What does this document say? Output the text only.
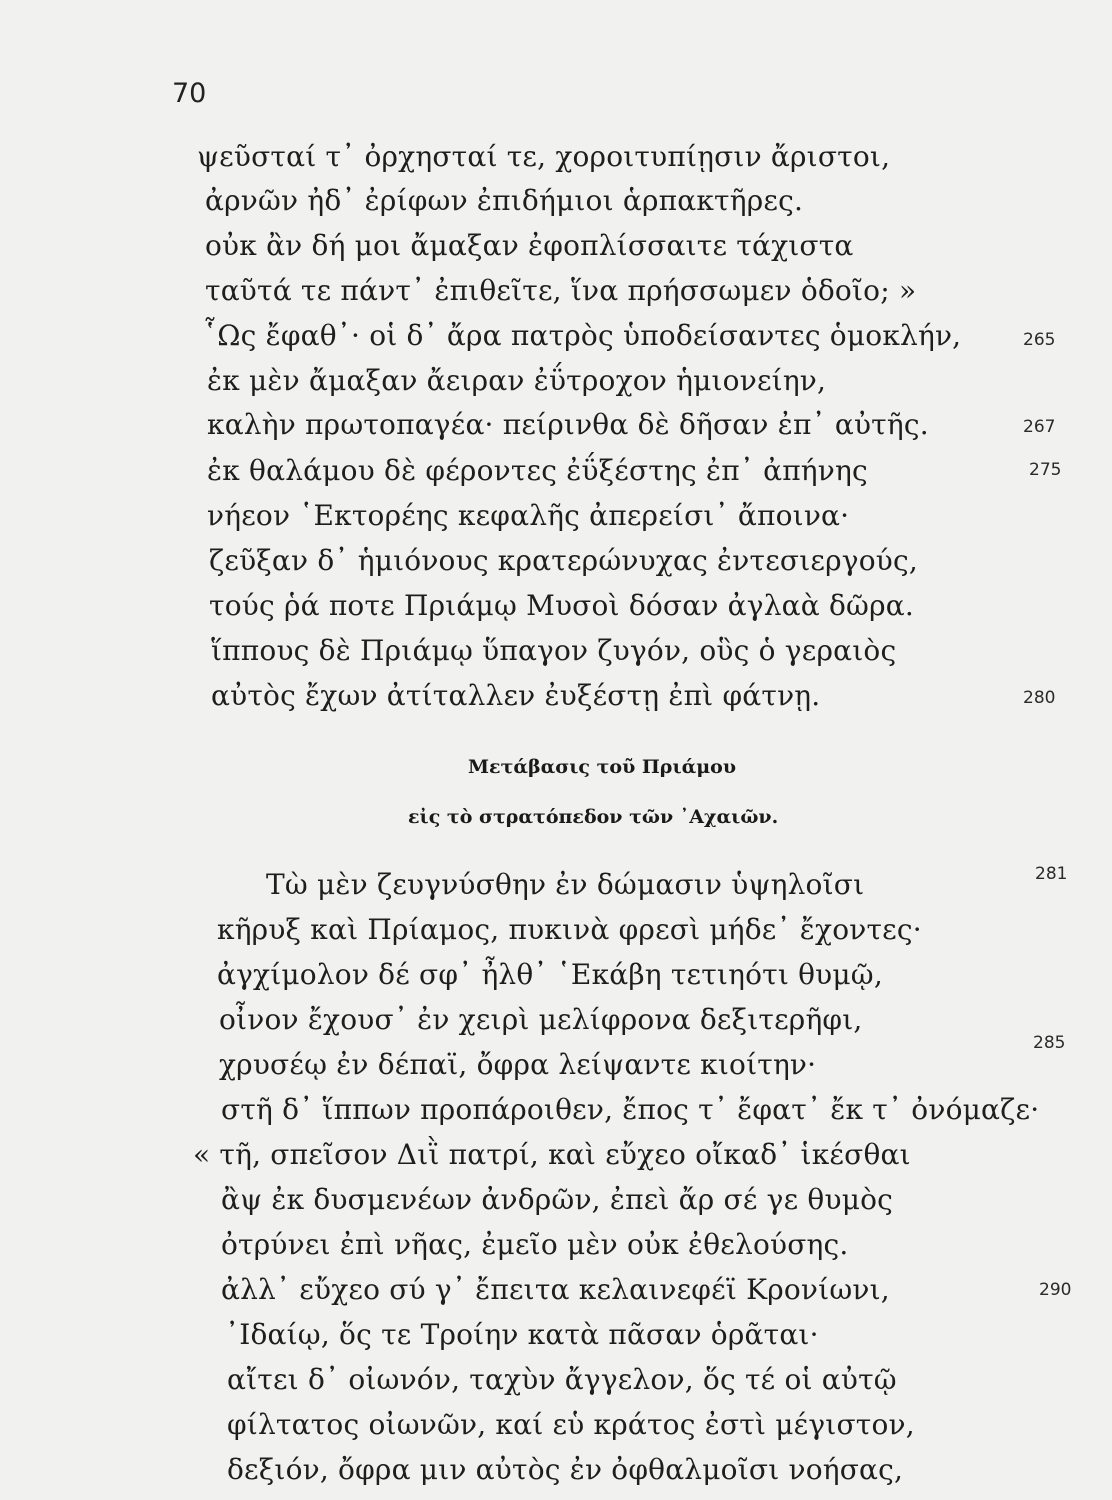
70
ψεῦσταί τ᾽ ὀρχησταί τε, χοροιτυπίῃσιν ἄριστοι,
ἀρνῶν ἠδ᾽ ἐρίφων ἐπιδήμιοι ἁρπακτῆρες.
οὐκ ἂν δή μοι ἄμαξαν ἐφοπλίσσαιτε τάχιστα
ταῦτά τε πάντ᾽ ἐπιθεῖτε, ἵνα πρήσσωμεν ὁδοῖο; »
῟Ως ἔφαθ᾽· οἱ δ᾽ ἄρα πατρὸς ὑποδείσαντες ὁμοκλήν,
ἐκ μὲν ἄμαξαν ἄειραν ἐΰτροχον ἡμιονείην,
καλὴν πρωτοπαγέα· πείρινθα δὲ δῆσαν ἐπ᾽ αὐτῆς.
ἐκ θαλάμου δὲ φέροντες ἐΰξέστης ἐπ᾽ ἀπήνης
νήεον ῾Εκτορέης κεφαλῆς ἀπερείσι᾽ ἄποινα·
ζεῦξαν δ᾽ ἡμιόνους κρατερώνυχας ἐντεσιεργούς,
τούς ῥά ποτε Πριάμῳ Μυσοὶ δόσαν ἀγλαὰ δῶρα.
ἵππους δὲ Πριάμῳ ὕπαγον ζυγόν, οὓς ὁ γεραιὸς
αὐτὸς ἔχων ἀτίταλλεν ἐυξέστῃ ἐπὶ φάτνῃ.
265
267
275
280
Μετάβασις τοῦ Πριάμου
εἰς τὸ στρατόπεδον τῶν ᾿Αχαιῶν.
Τὼ μὲν ζευγνύσθην ἐν δώμασιν ὑψηλοῖσι
κῆρυξ καὶ Πρίαμος, πυκινὰ φρεσὶ μήδε᾽ ἔχοντες·
ἀγχίμολον δέ σφ᾽ ἦλθ᾽ ῾Εκάβη τετιηότι θυμῷ,
οἶνον ἔχουσ᾽ ἐν χειρὶ μελίφρονα δεξιτερῆφι,
χρυσέῳ ἐν δέπαϊ, ὄφρα λείψαντε κιοίτην·
στῆ δ᾽ ἵππων προπάροιθεν, ἔπος τ᾽ ἔφατ᾽ ἔκ τ᾽ ὀνόμαζε·
« τῆ, σπεῖσον Διῒ πατρί, καὶ εὔχεο οἴκαδ᾽ ἱκέσθαι
ἂψ ἐκ δυσμενέων ἀνδρῶν, ἐπεὶ ἄρ σέ γε θυμὸς
ὀτρύνει ἐπὶ νῆας, ἐμεῖο μὲν οὐκ ἐθελούσης.
ἀλλ᾽ εὔχεο σύ γ᾽ ἔπειτα κελαινεφέϊ Κρονίωνι,
᾽Ιδαίῳ, ὅς τε Τροίην κατὰ πᾶσαν ὁρᾶται·
αἴτει δ᾽ οἰωνόν, ταχὺν ἄγγελον, ὅς τέ οἱ αὐτῷ
φίλτατος οἰωνῶν, καί εὑ κράτος ἐστὶ μέγιστον,
δεξιόν, ὄφρα μιν αὐτὸς ἐν ὀφθαλμοῖσι νοήσας,
281
285
290
